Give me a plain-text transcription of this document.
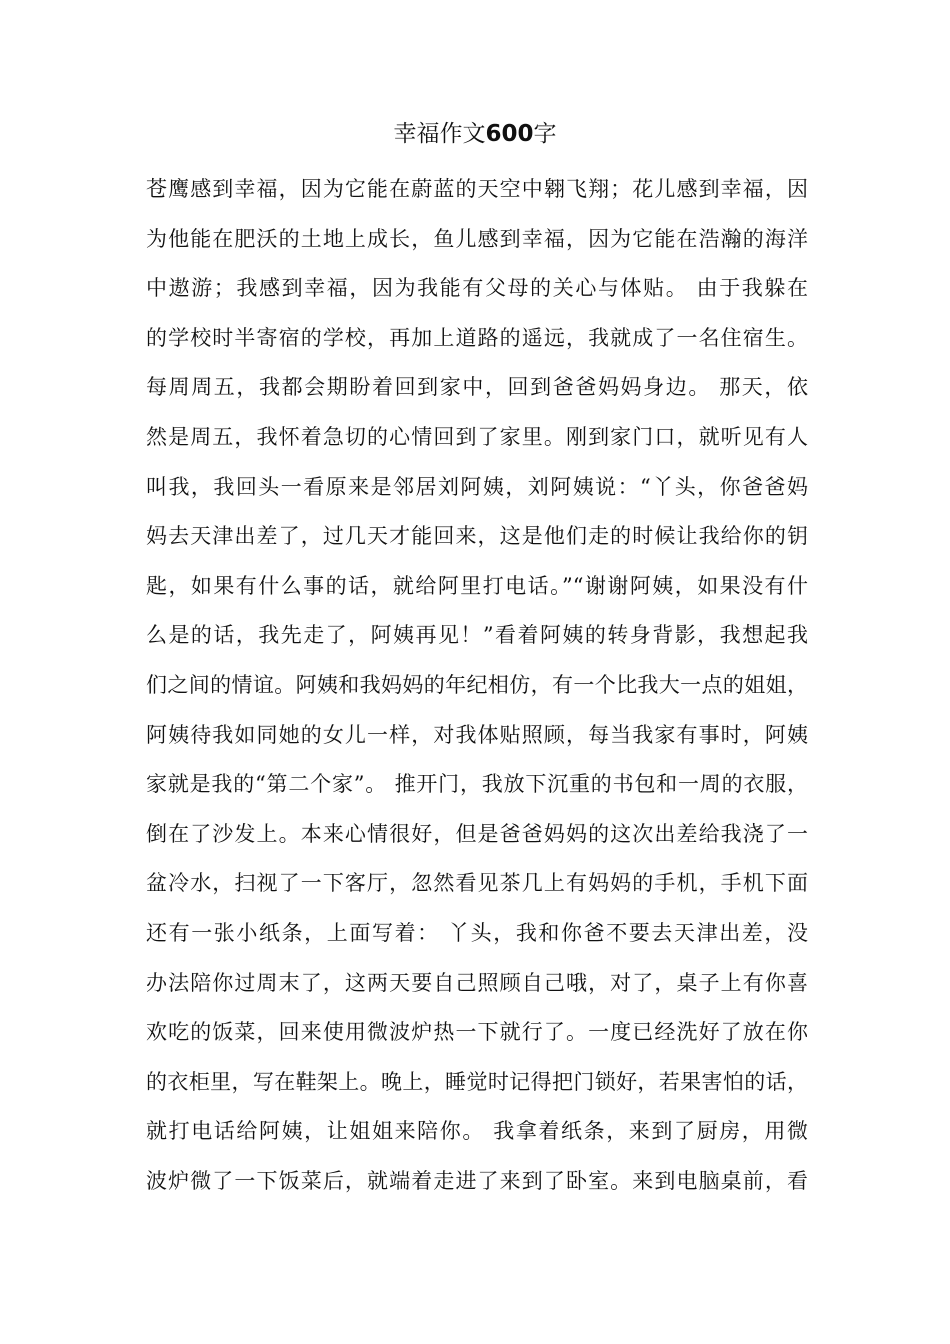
幸福作文600字
苍鹰感到幸福，因为它能在蔚蓝的天空中翱飞翔；花儿感到幸福，因
为他能在肥沃的土地上成长，鱼儿感到幸福，因为它能在浩瀚的海洋
中遨游；我感到幸福，因为我能有父母的关心与体贴。 由于我躲在
的学校时半寄宿的学校，再加上道路的遥远，我就成了一名住宿生。
每周周五，我都会期盼着回到家中，回到爸爸妈妈身边。 那天，依
然是周五，我怀着急切的心情回到了家里。刚到家门口，就听见有人
叫我，我回头一看原来是邻居刘阿姨，刘阿姨说：“丫头，你爸爸妈
妈去天津出差了，过几天才能回来，这是他们走的时候让我给你的钥
匙，如果有什么事的话，就给阿里打电话。”“谢谢阿姨，如果没有什
么是的话，我先走了，阿姨再见！”看着阿姨的转身背影，我想起我
们之间的情谊。阿姨和我妈妈的年纪相仿，有一个比我大一点的姐姐，
阿姨待我如同她的女儿一样，对我体贴照顾，每当我家有事时，阿姨
家就是我的“第二个家”。 推开门，我放下沉重的书包和一周的衣服，
倒在了沙发上。本来心情很好，但是爸爸妈妈的这次出差给我浇了一
盆冷水，扫视了一下客厅，忽然看见茶几上有妈妈的手机，手机下面
还有一张小纸条，上面写着： 丫头，我和你爸不要去天津出差，没
办法陪你过周末了，这两天要自己照顾自己哦，对了，桌子上有你喜
欢吃的饭菜，回来使用微波炉热一下就行了。一度已经洗好了放在你
的衣柜里，写在鞋架上。晚上，睡觉时记得把门锁好，若果害怕的话，
就打电话给阿姨，让姐姐来陪你。 我拿着纸条，来到了厨房，用微
波炉微了一下饭菜后，就端着走进了来到了卧室。来到电脑桌前，看
